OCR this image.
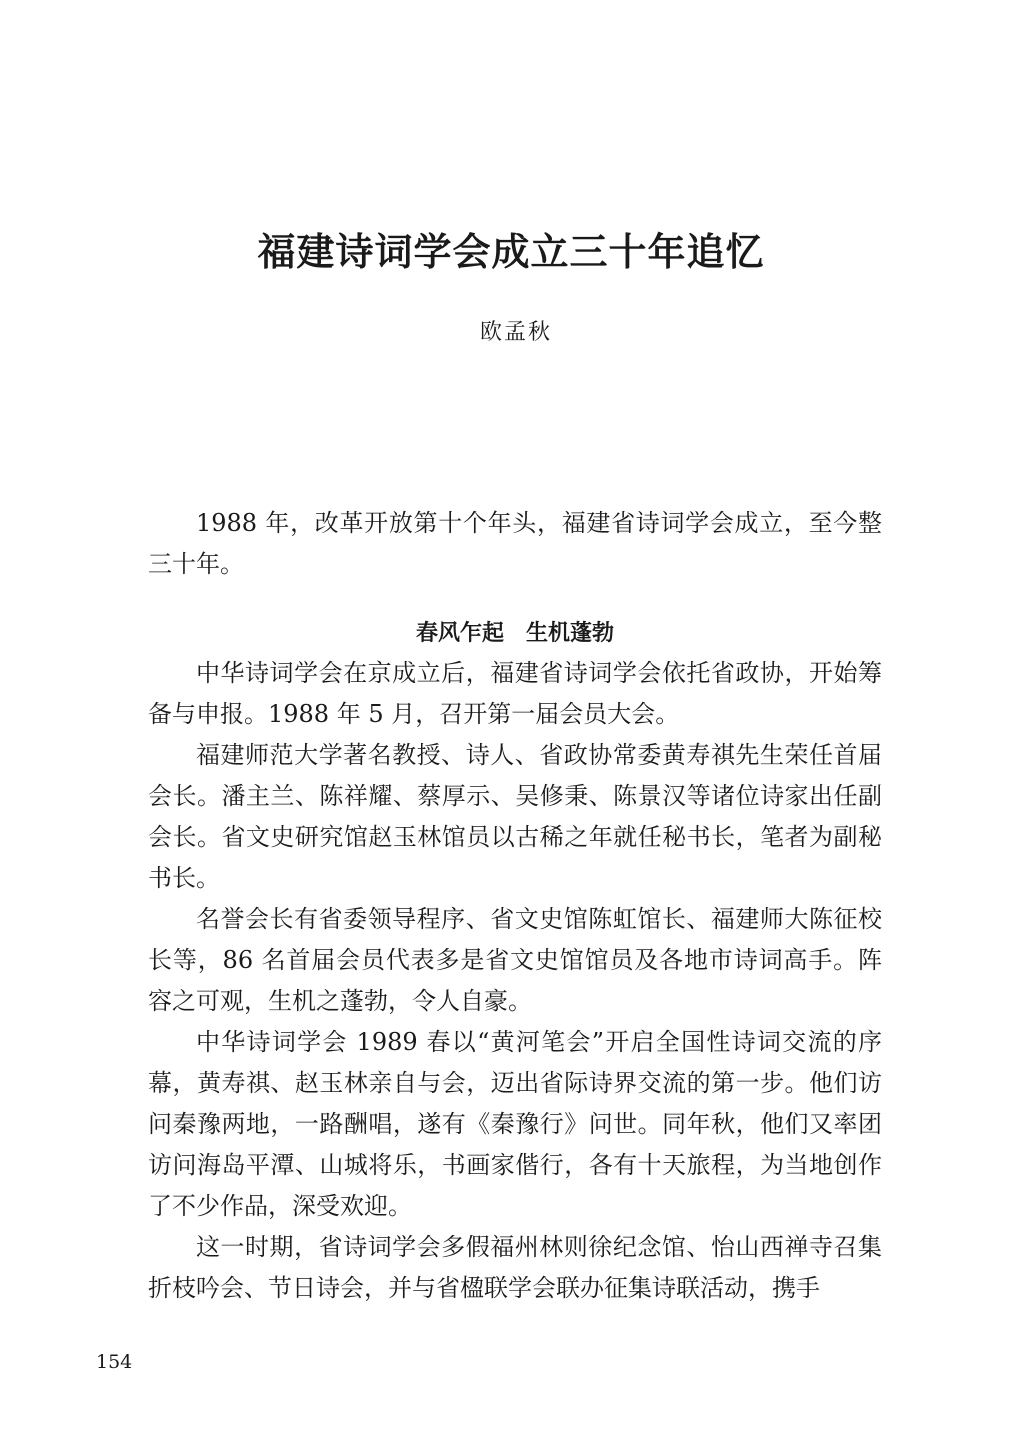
福建诗词学会成立三十年追忆
欧孟秋

1988 年，改革开放第十个年头，福建省诗词学会成立，至今整三十年。

春风乍起　生机蓬勃

中华诗词学会在京成立后，福建省诗词学会依托省政协，开始筹备与申报。1988 年 5 月，召开第一届会员大会。

福建师范大学著名教授、诗人、省政协常委黄寿祺先生荣任首届会长。潘主兰、陈祥耀、蔡厚示、吴修秉、陈景汉等诸位诗家出任副会长。省文史研究馆赵玉林馆员以古稀之年就任秘书长，笔者为副秘书长。

名誉会长有省委领导程序、省文史馆陈虹馆长、福建师大陈征校长等，86 名首届会员代表多是省文史馆馆员及各地市诗词高手。阵容之可观，生机之蓬勃，令人自豪。

中华诗词学会 1989 春以“黄河笔会”开启全国性诗词交流的序幕，黄寿祺、赵玉林亲自与会，迈出省际诗界交流的第一步。他们访问秦豫两地，一路酬唱，遂有《秦豫行》问世。同年秋，他们又率团访问海岛平潭、山城将乐，书画家偕行，各有十天旅程，为当地创作了不少作品，深受欢迎。

这一时期，省诗词学会多假福州林则徐纪念馆、怡山西禅寺召集折枝吟会、节日诗会，并与省楹联学会联办征集诗联活动，携手

154
